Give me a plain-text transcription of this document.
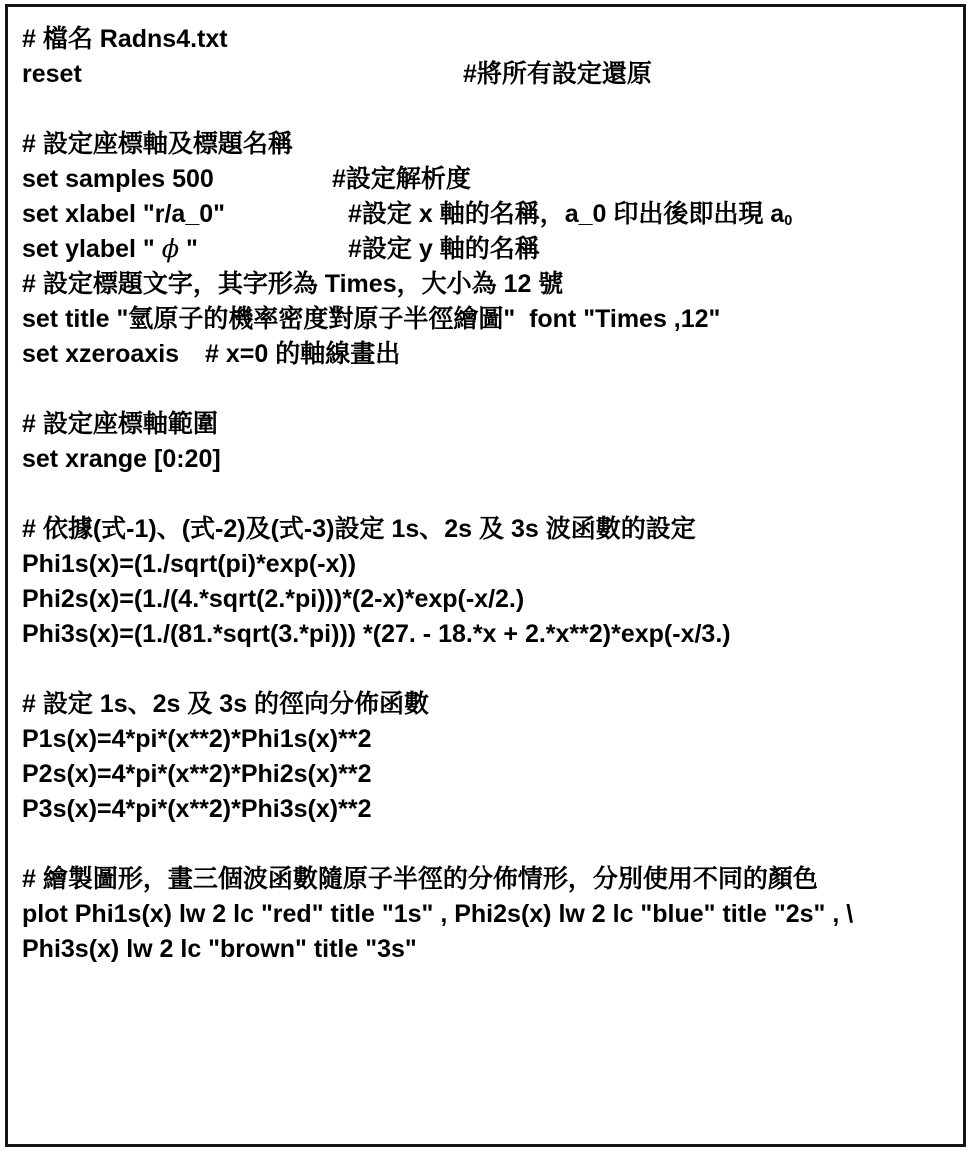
# 檔名 Radns4.txt
reset	#將所有設定還原
# 設定座標軸及標題名稱
set samples 500	#設定解析度
set xlabel "r/a_0"	#設定 x 軸的名稱，a_0 印出後即出現 $a_0$
set ylabel " ϕ "	#設定 y 軸的名稱
# 設定標題文字，其字形為 Times，大小為 12 號
set title "氫原子的機率密度對原子半徑繪圖"  font "Times ,12"
set xzeroaxis # x=0 的軸線畫出
# 設定座標軸範圍
set xrange [0:20]
# 依據(式-1)、(式-2)及(式-3)設定 1s、2s 及 3s 波函數的設定
Phi1s(x)=(1./sqrt(pi)*exp(-x))
Phi2s(x)=(1./(4.*sqrt(2.*pi)))*(2-x)*exp(-x/2.)
Phi3s(x)=(1./(81.*sqrt(3.*pi))) *(27. - 18.*x + 2.*x**2)*exp(-x/3.)
# 設定 1s、2s 及 3s 的徑向分佈函數
P1s(x)=4*pi*(x**2)*Phi1s(x)**2
P2s(x)=4*pi*(x**2)*Phi2s(x)**2
P3s(x)=4*pi*(x**2)*Phi3s(x)**2
# 繪製圖形，畫三個波函數隨原子半徑的分佈情形，分別使用不同的顏色
plot Phi1s(x) lw 2 lc "red" title "1s" , Phi2s(x) lw 2 lc "blue" title "2s" , \
Phi3s(x) lw 2 lc "brown" title "3s"
